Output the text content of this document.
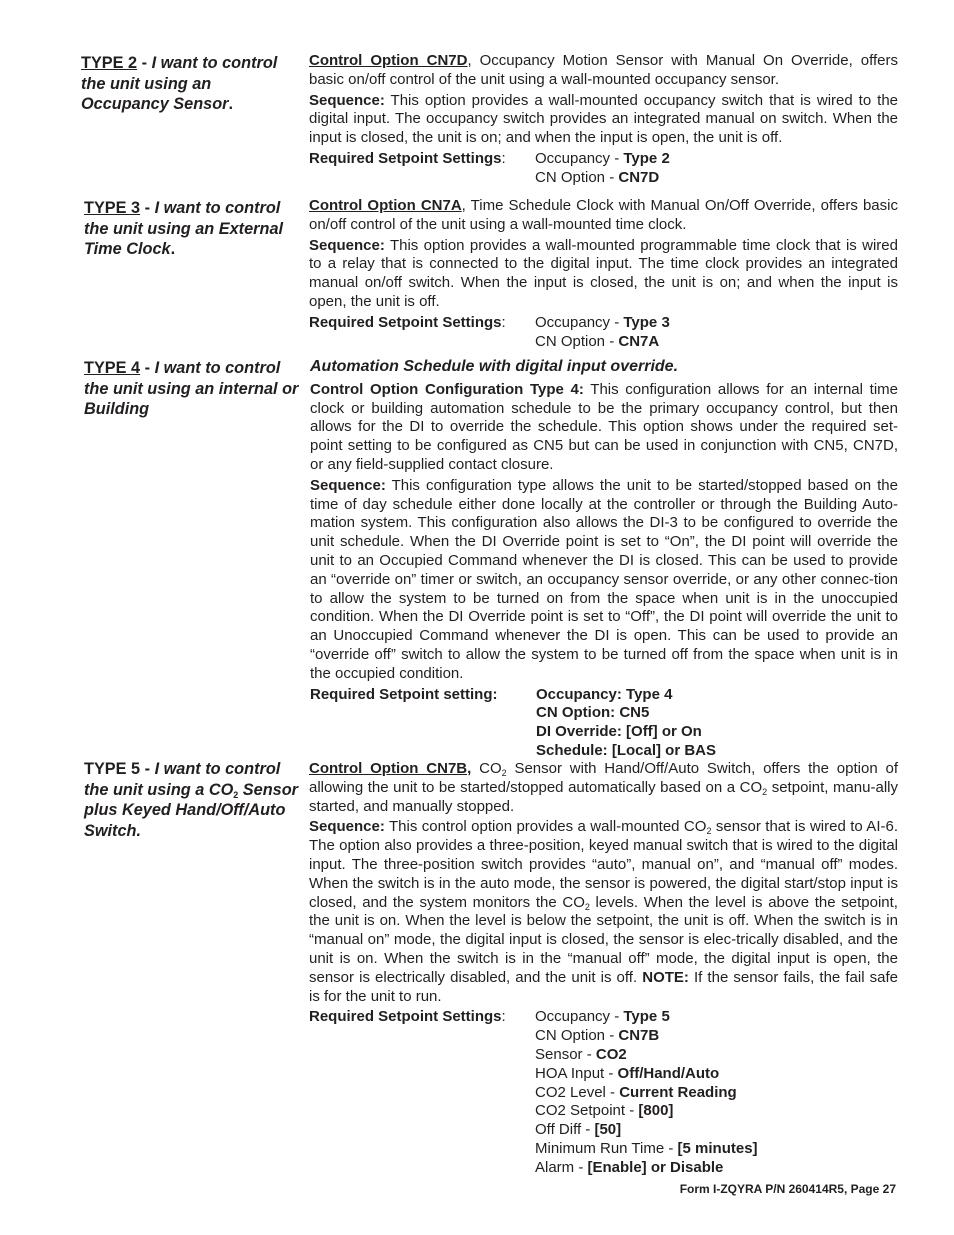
TYPE 2 - I want to control the unit using an Occupancy Sensor.

Control Option CN7D, Occupancy Motion Sensor with Manual On Override, offers basic on/off control of the unit using a wall-mounted occupancy sensor.

Sequence: This option provides a wall-mounted occupancy switch that is wired to the digital input. The occupancy switch provides an integrated manual on switch. When the input is closed, the unit is on; and when the input is open, the unit is off.

Required Setpoint Settings:	Occupancy - Type 2
CN Option - CN7D
TYPE 3 - I want to control the unit using an External Time Clock.

Control Option CN7A, Time Schedule Clock with Manual On/Off Override, offers basic on/off control of the unit using a wall-mounted time clock.

Sequence: This option provides a wall-mounted programmable time clock that is wired to a relay that is connected to the digital input. The time clock provides an integrated manual on/off switch. When the input is closed, the unit is on; and when the input is open, the unit is off.

Required Setpoint Settings:	Occupancy - Type 3
CN Option - CN7A
TYPE 4 - I want to control the unit using an internal or Building

Automation Schedule with digital input override.

Control Option Configuration Type 4: This configuration allows for an internal time clock or building automation schedule to be the primary occupancy control, but then allows for the DI to override the schedule. This option shows under the required set-point setting to be configured as CN5 but can be used in conjunction with CN5, CN7D, or any field-supplied contact closure.

Sequence: This configuration type allows the unit to be started/stopped based on the time of day schedule either done locally at the controller or through the Building Auto-mation system. This configuration also allows the DI-3 to be configured to override the unit schedule. When the DI Override point is set to “On”, the DI point will override the unit to an Occupied Command whenever the DI is closed. This can be used to provide an “override on” timer or switch, an occupancy sensor override, or any other connec-tion to allow the system to be turned on from the space when unit is in the unoccupied condition. When the DI Override point is set to “Off”, the DI point will override the unit to an Unoccupied Command whenever the DI is open. This can be used to provide an “override off” switch to allow the system to be turned off from the space when unit is in the occupied condition.

Required Setpoint setting:	Occupancy: Type 4
CN Option: CN5
DI Override: [Off] or On
Schedule: [Local] or BAS
TYPE 5 - I want to control the unit using a $CO_2$ Sensor plus Keyed Hand/Off/Auto Switch.

Control Option CN7B, $CO_2$ Sensor with Hand/Off/Auto Switch, offers the option of allowing the unit to be started/stopped automatically based on a $CO_2$ setpoint, manu-ally started, and manually stopped.

Sequence: This control option provides a wall-mounted $CO_2$ sensor that is wired to AI-6. The option also provides a three-position, keyed manual switch that is wired to the digital input. The three-position switch provides “auto”, manual on”, and “manual off” modes. When the switch is in the auto mode, the sensor is powered, the digital start/stop input is closed, and the system monitors the $CO_2$ levels. When the level is above the setpoint, the unit is on. When the level is below the setpoint, the unit is off. When the switch is in “manual on” mode, the digital input is closed, the sensor is elec-trically disabled, and the unit is on. When the switch is in the “manual off” mode, the digital input is open, the sensor is electrically disabled, and the unit is off. NOTE: If the sensor fails, the fail safe is for the unit to run.

Required Setpoint Settings:	Occupancy - Type 5
CN Option - CN7B
Sensor - CO2
HOA Input - Off/Hand/Auto
CO2 Level - Current Reading
CO2 Setpoint - [800]
Off Diff - [50]
Minimum Run Time - [5 minutes]
Alarm - [Enable] or Disable
Form I-ZQYRA P/N 260414R5, Page 27
